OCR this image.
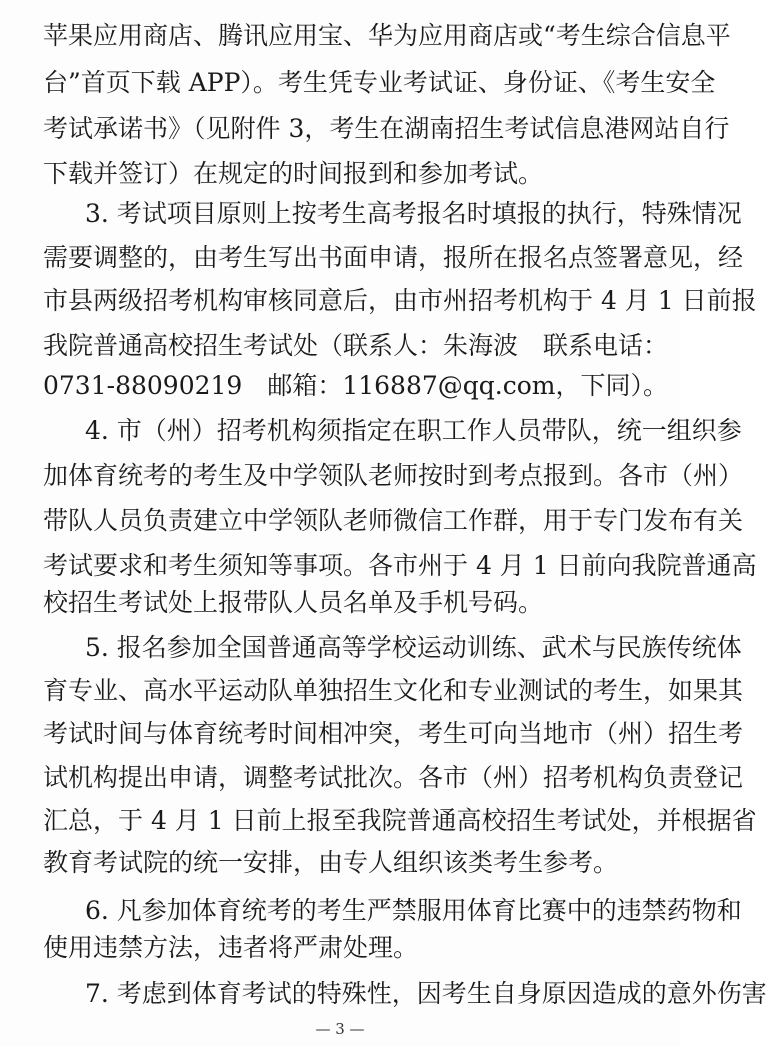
苹果应用商店、腾讯应用宝、华为应用商店或“考生综合信息平
台”首页下载 APP）。考生凭专业考试证、身份证、《考生安全
考试承诺书》（见附件 3，考生在湖南招生考试信息港网站自行
下载并签订）在规定的时间报到和参加考试。
3. 考试项目原则上按考生高考报名时填报的执行，特殊情况
需要调整的，由考生写出书面申请，报所在报名点签署意见，经
市县两级招考机构审核同意后，由市州招考机构于 4 月 1 日前报
我院普通高校招生考试处（联系人：朱海波　联系电话：
0731-88090219　邮箱：116887@qq.com，下同）。
4. 市（州）招考机构须指定在职工作人员带队，统一组织参
加体育统考的考生及中学领队老师按时到考点报到。各市（州）
带队人员负责建立中学领队老师微信工作群，用于专门发布有关
考试要求和考生须知等事项。各市州于 4 月 1 日前向我院普通高
校招生考试处上报带队人员名单及手机号码。
5. 报名参加全国普通高等学校运动训练、武术与民族传统体
育专业、高水平运动队单独招生文化和专业测试的考生，如果其
考试时间与体育统考时间相冲突，考生可向当地市（州）招生考
试机构提出申请，调整考试批次。各市（州）招考机构负责登记
汇总，于 4 月 1 日前上报至我院普通高校招生考试处，并根据省
教育考试院的统一安排，由专人组织该类考生参考。
6. 凡参加体育统考的考生严禁服用体育比赛中的违禁药物和
使用违禁方法，违者将严肃处理。
7. 考虑到体育考试的特殊性，因考生自身原因造成的意外伤害
— 3 —
